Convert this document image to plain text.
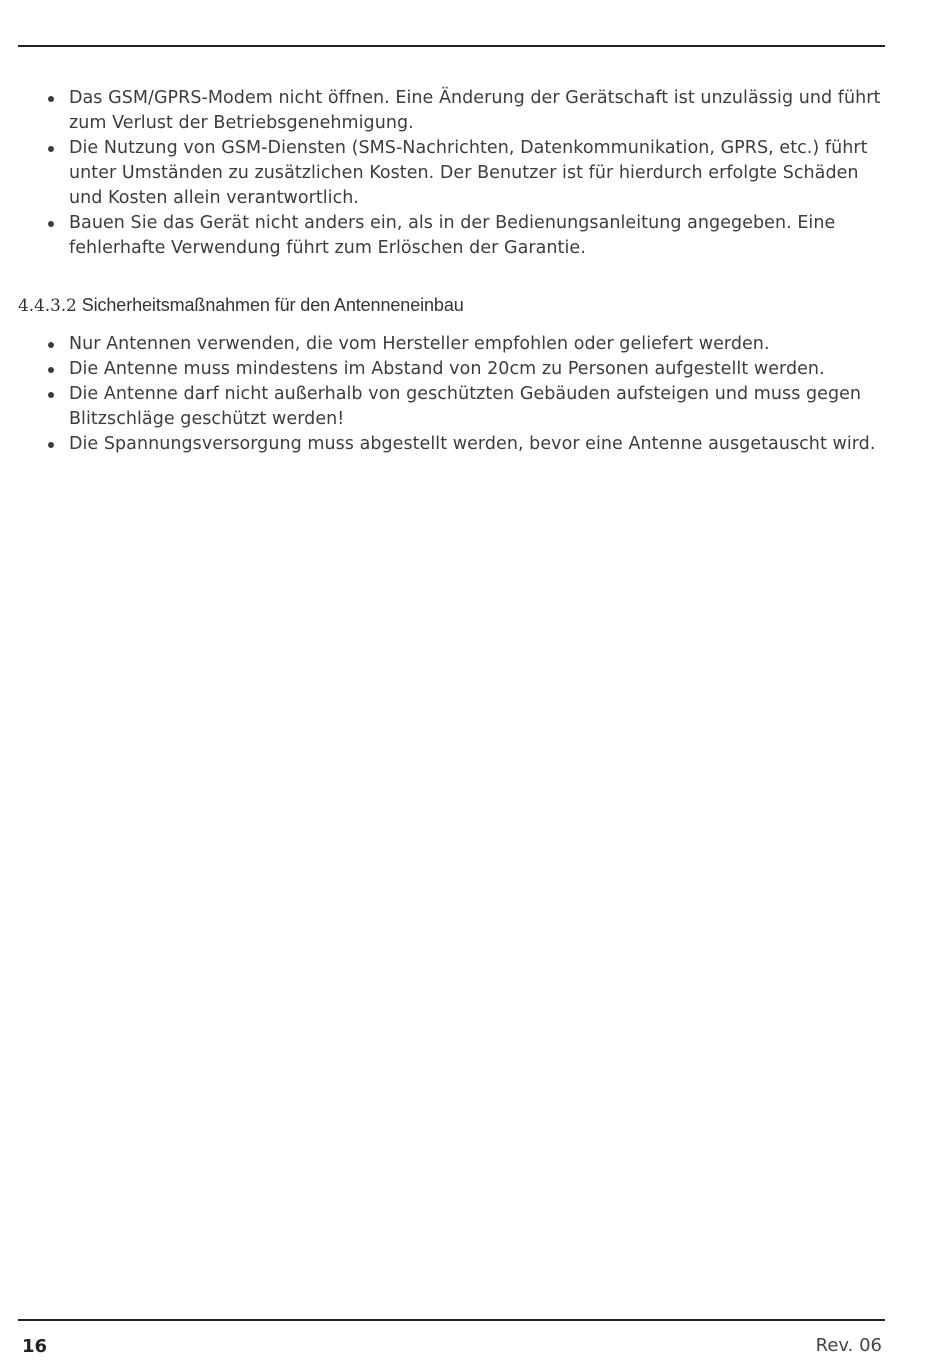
Das GSM/GPRS-Modem nicht öffnen. Eine Änderung der Gerätschaft ist unzulässig und führt zum Verlust der Betriebsgenehmigung.
Die Nutzung von GSM-Diensten (SMS-Nachrichten, Datenkommunikation, GPRS, etc.) führt unter Umständen zu zusätzlichen Kosten. Der Benutzer ist für hierdurch erfolgte Schäden und Kosten allein verantwortlich.
Bauen Sie das Gerät nicht anders ein, als in der Bedienungsanleitung angegeben. Eine fehlerhafte Verwendung führt zum Erlöschen der Garantie.
4.4.3.2 Sicherheitsmaßnahmen für den Antenneneinbau
Nur Antennen verwenden, die vom Hersteller empfohlen oder geliefert werden.
Die Antenne muss mindestens im Abstand von 20cm zu Personen aufgestellt werden.
Die Antenne darf nicht außerhalb von geschützten Gebäuden aufsteigen und muss gegen Blitzschläge geschützt werden!
Die Spannungsversorgung muss abgestellt werden, bevor eine Antenne ausgetauscht wird.
16	Rev. 06
